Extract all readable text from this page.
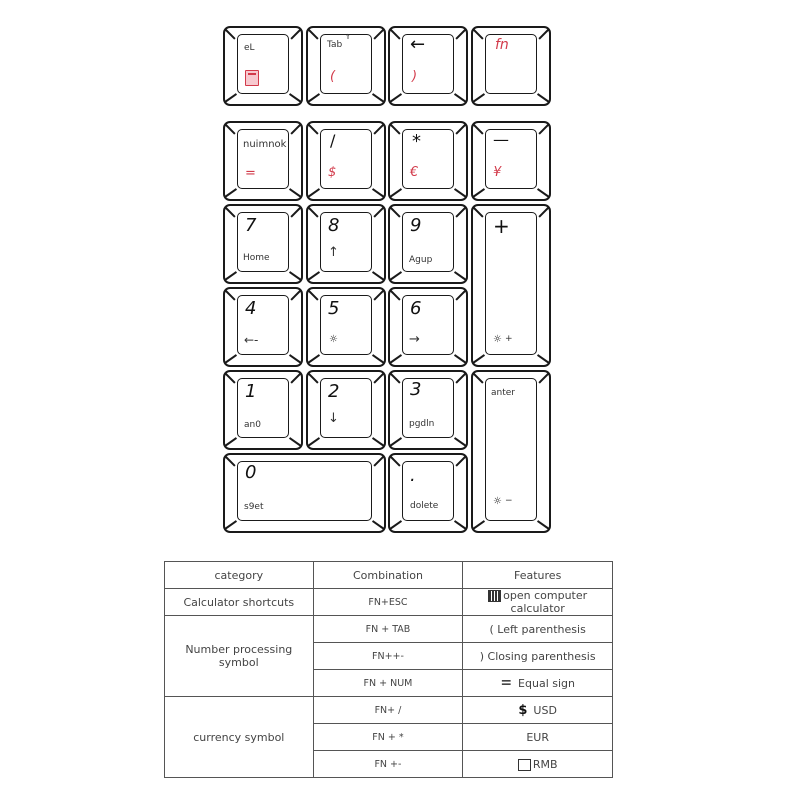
eL	Tab
⇑
(
←
)
fn
nuimnok
=
/
$
*
€
—
¥
7
Home
8
↑
9
Agup
+
☼ +
4
←-
5
☼
6
→
1
an0
2
↓
3
pgdln
anter
☼ −
0
s9et
.
dolete
category	Combination	Features
Calculator shortcuts	FN+ESC	open computer calculator
Number processing symbol	FN + TAB	( Left parenthesis
	FN++-	) Closing parenthesis
	FN + NUM	= Equal sign
currency symbol	FN+ /	$ USD
	FN + *	EUR
	FN +-	RMB
